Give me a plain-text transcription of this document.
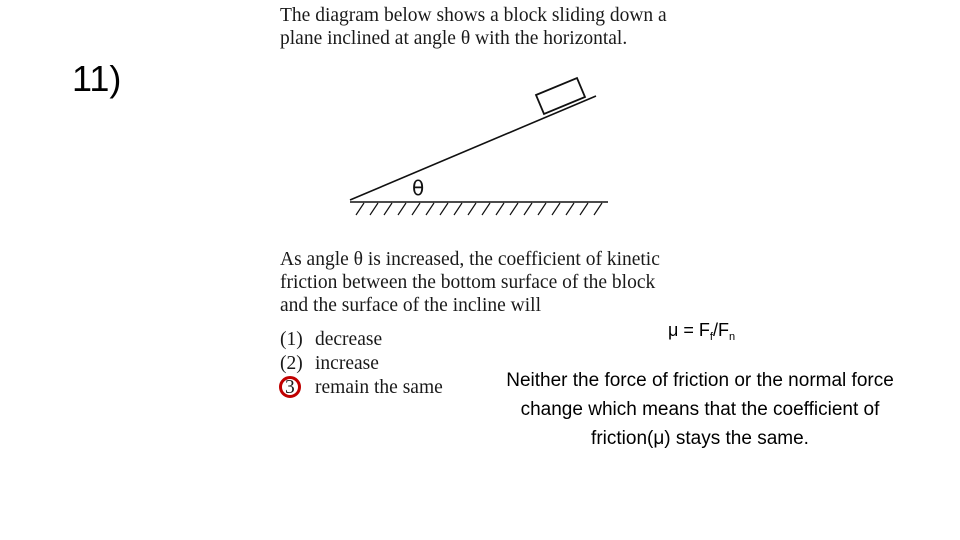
11)
The diagram below shows a block sliding down a
plane inclined at angle θ with the horizontal.
θ
As angle θ is increased, the coefficient of kinetic
friction between the bottom surface of the block
and the surface of the incline will
(1) decrease
(2) increase
3 remain the same
$\mu = F_f/F_n$
Neither the force of friction or the normal force change which means that the coefficient of friction(μ) stays the same.
